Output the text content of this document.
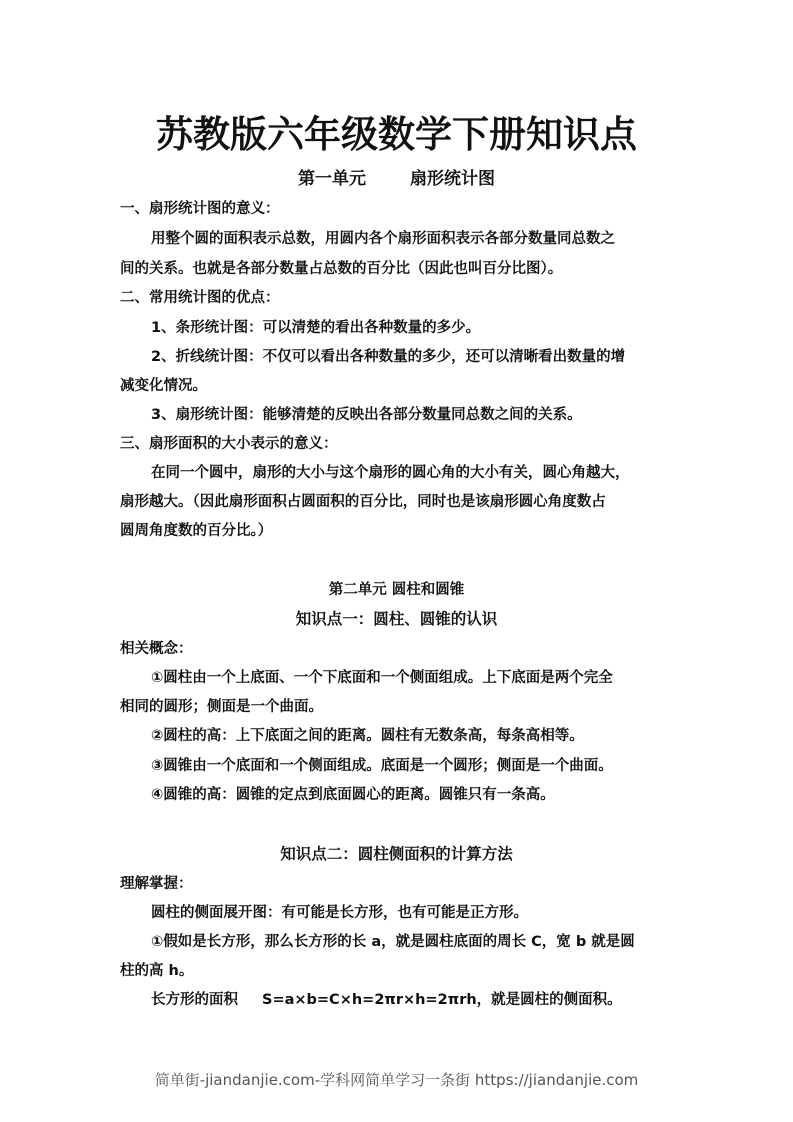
苏教版六年级数学下册知识点
第一单元	扇形统计图
一、扇形统计图的意义：
用整个圆的面积表示总数，用圆内各个扇形面积表示各部分数量同总数之
间的关系。也就是各部分数量占总数的百分比（因此也叫百分比图）。
二、常用统计图的优点：
1、条形统计图：可以清楚的看出各种数量的多少。
2、折线统计图：不仅可以看出各种数量的多少，还可以清晰看出数量的增
减变化情况。
3、扇形统计图：能够清楚的反映出各部分数量同总数之间的关系。
三、扇形面积的大小表示的意义：
在同一个圆中，扇形的大小与这个扇形的圆心角的大小有关，圆心角越大，
扇形越大。（因此扇形面积占圆面积的百分比，同时也是该扇形圆心角度数占
圆周角度数的百分比。）
第二单元 圆柱和圆锥
知识点一：圆柱、圆锥的认识
相关概念：
①圆柱由一个上底面、一个下底面和一个侧面组成。上下底面是两个完全
相同的圆形；侧面是一个曲面。
②圆柱的高：上下底面之间的距离。圆柱有无数条高，每条高相等。
③圆锥由一个底面和一个侧面组成。底面是一个圆形；侧面是一个曲面。
④圆锥的高：圆锥的定点到底面圆心的距离。圆锥只有一条高。
知识点二：圆柱侧面积的计算方法
理解掌握：
圆柱的侧面展开图：有可能是长方形，也有可能是正方形。
①假如是长方形，那么长方形的长 a，就是圆柱底面的周长 C，宽 b 就是圆
柱的高 h。
长方形的面积 S=a×b=C×h=2πr×h=2πrh，就是圆柱的侧面积。
简单街-jiandanjie.com-学科网简单学习一条街 https://jiandanjie.com
